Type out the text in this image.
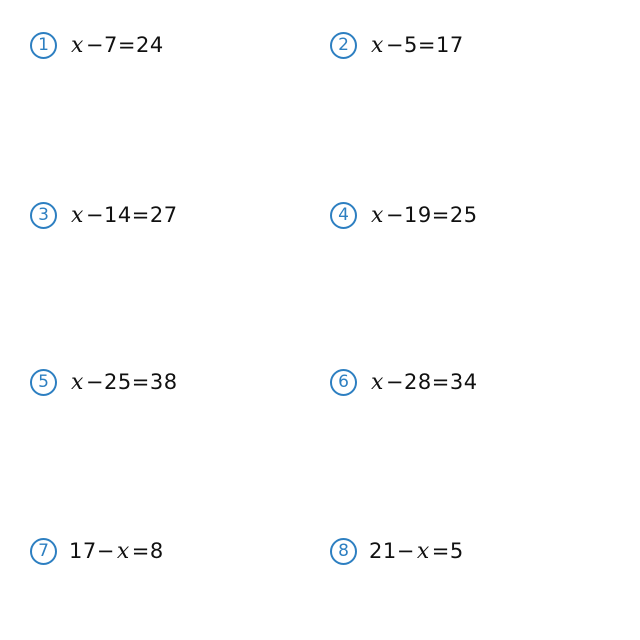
1	x −7=24	2	x −5=17
3	x −14=27	4	x −19=25
5	x −25=38	6	x −28=34
7 17− x =8	8 21− x =5
